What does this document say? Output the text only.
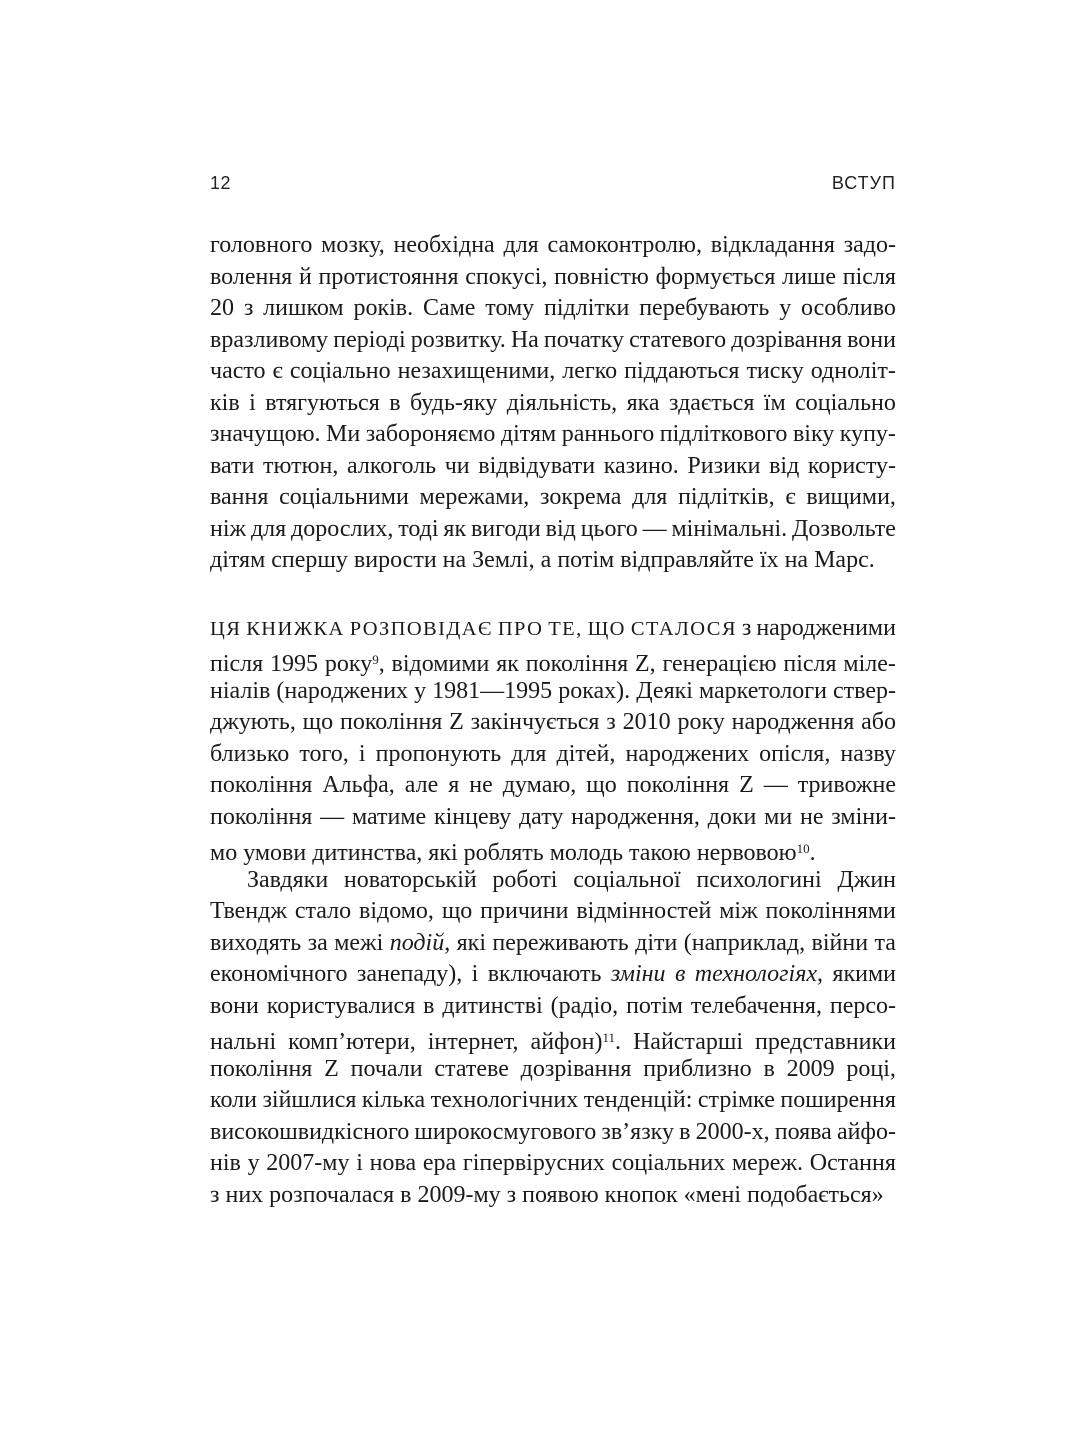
12	ВСТУП
головного мозку, необхідна для самоконтролю, відкладання задо-
волення й протистояння спокусі, повністю формується лише після
20 з лишком років. Саме тому підлітки перебувають у особливо
вразливому періоді розвитку. На початку статевого дозрівання вони
часто є соціально незахищеними, легко піддаються тиску одноліт-
ків і втягуються в будь-яку діяльність, яка здається їм соціально
значущою. Ми забороняємо дітям раннього підліткового віку купу-
вати тютюн, алкоголь чи відвідувати казино. Ризики від користу-
вання соціальними мережами, зокрема для підлітків, є вищими,
ніж для дорослих, тоді як вигоди від цього — мінімальні. Дозвольте
дітям спершу вирости на Землі, а потім відправляйте їх на Марс.
ЦЯ КНИЖКА РОЗПОВІДАЄ ПРО ТЕ, ЩО СТАЛОСЯ з народженими
після 1995 року$^9$, відомими як покоління Z, генерацією після міле-
ніалів (народжених у 1981—1995 роках). Деякі маркетологи ствер-
джують, що покоління Z закінчується з 2010 року народження або
близько того, і пропонують для дітей, народжених опісля, назву
покоління Альфа, але я не думаю, що покоління Z — тривожне
покоління — матиме кінцеву дату народження, доки ми не зміни-
мо умови дитинства, які роблять молодь такою нервовою$^{10}$.
Завдяки новаторській роботі соціальної психологині Джин
Твендж стало відомо, що причини відмінностей між поколіннями
виходять за межі подій, які переживають діти (наприклад, війни та
економічного занепаду), і включають зміни в технологіях, якими
вони користувалися в дитинстві (радіо, потім телебачення, персо-
нальні комп’ютери, інтернет, айфон)$^{11}$. Найстарші представники
покоління Z почали статеве дозрівання приблизно в 2009 році,
коли зійшлися кілька технологічних тенденцій: стрімке поширення
високошвидкісного широкосмугового зв’язку в 2000-х, поява айфо-
нів у 2007-му і нова ера гіпервірусних соціальних мереж. Остання
з них розпочалася в 2009-му з появою кнопок «мені подобається»
